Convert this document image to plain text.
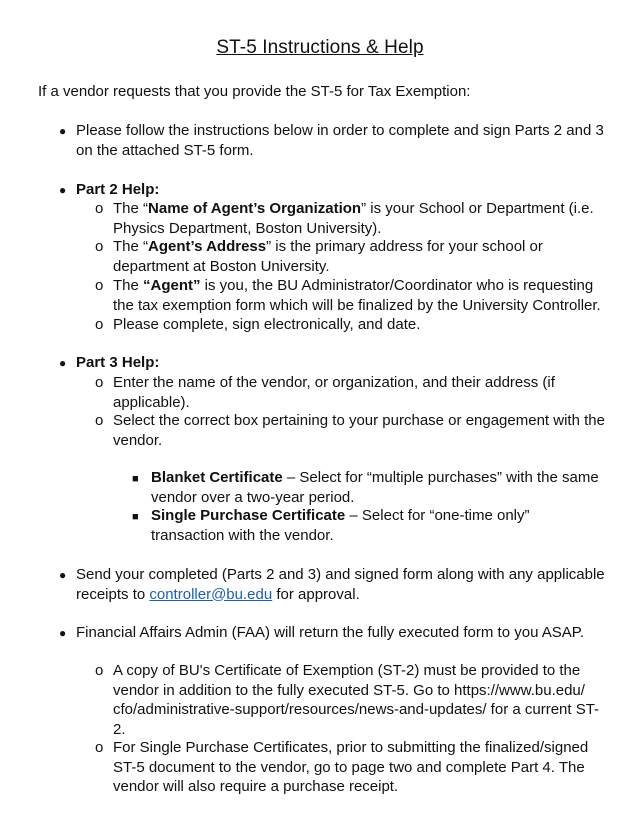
ST-5 Instructions & Help
If a vendor requests that you provide the ST-5 for Tax Exemption:
● Please follow the instructions below in order to complete and sign Parts 2 and 3 on the attached ST-5 form.
● Part 2 Help:
o The “Name of Agent’s Organization” is your School or Department (i.e. Physics Department, Boston University).
o The “Agent’s Address” is the primary address for your school or department at Boston University.
o The “Agent” is you, the BU Administrator/Coordinator who is requesting the tax exemption form which will be finalized by the University Controller.
o Please complete, sign electronically, and date.
● Part 3 Help:
o Enter the name of the vendor, or organization, and their address (if applicable).
o Select the correct box pertaining to your purchase or engagement with the vendor.
■ Blanket Certificate – Select for “multiple purchases” with the same vendor over a two-year period.
■ Single Purchase Certificate – Select for “one-time only” transaction with the vendor.
● Send your completed (Parts 2 and 3) and signed form along with any applicable receipts to controller@bu.edu for approval.
● Financial Affairs Admin (FAA) will return the fully executed form to you ASAP.
o A copy of BU's Certificate of Exemption (ST-2) must be provided to the vendor in addition to the fully executed ST-5. Go to https://www.bu.edu/ cfo/administrative-support/resources/news-and-updates/ for a current ST-2.
o For Single Purchase Certificates, prior to submitting the finalized/signed ST-5 document to the vendor, go to page two and complete Part 4. The vendor will also require a purchase receipt.
